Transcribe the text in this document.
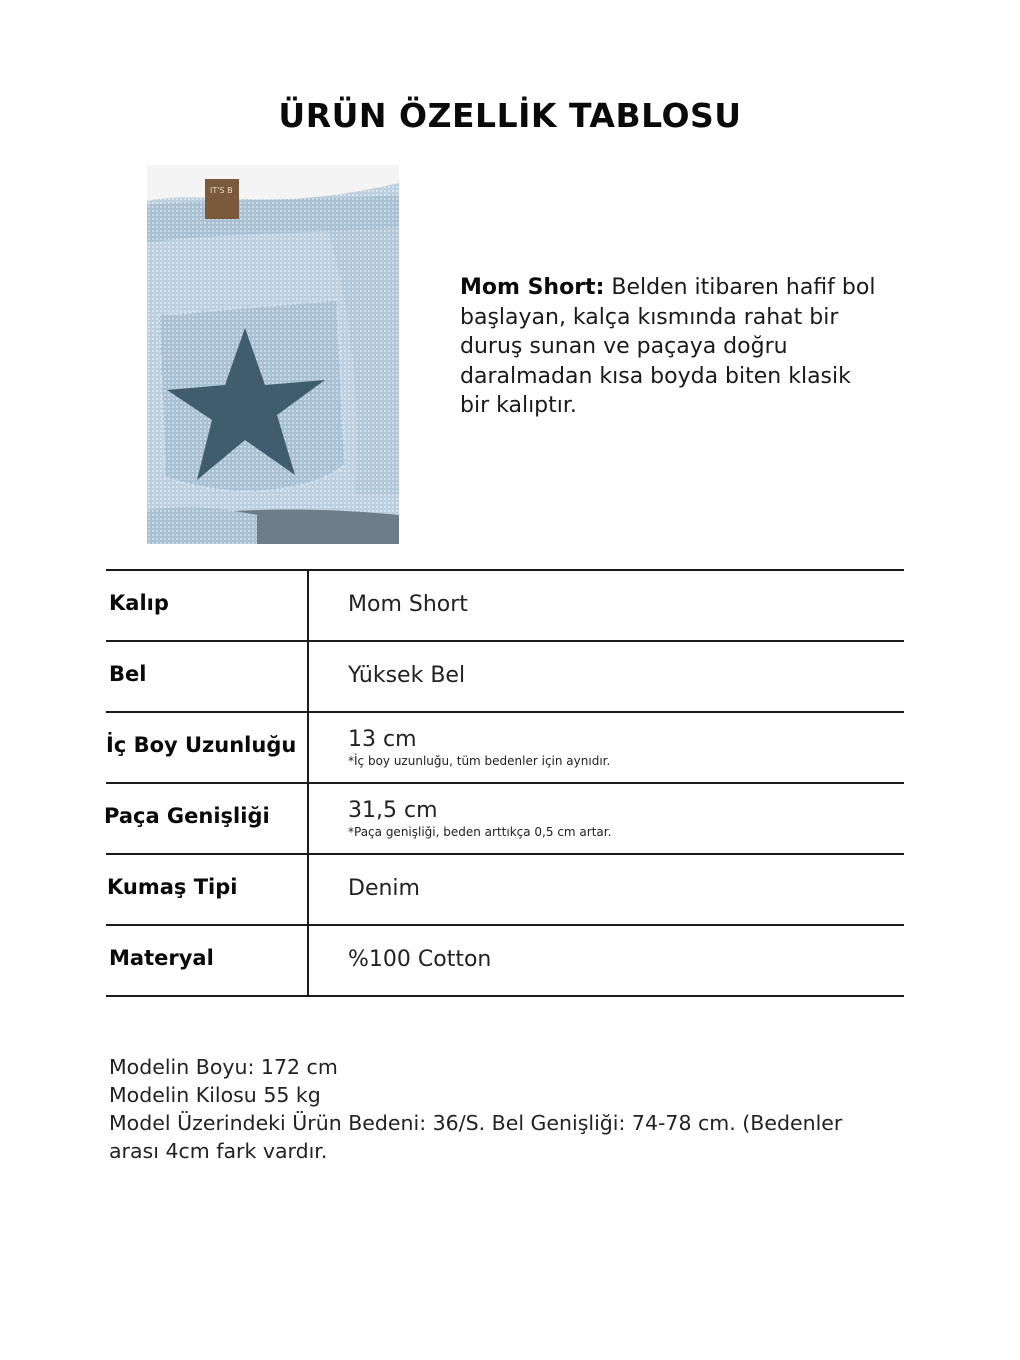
ÜRÜN ÖZELLİK TABLOSU
IT'S B
Mom Short: Belden itibaren hafif bol
başlayan, kalça kısmında rahat bir
duruş sunan ve paçaya doğru
daralmadan kısa boyda biten klasik
bir kalıptır.
Kalıp	Mom Short
Bel	Yüksek Bel
İç Boy Uzunluğu 13 cm
*İç boy uzunluğu, tüm bedenler için aynıdır.
Paça Genişliği	31,5 cm
*Paça genişliği, beden arttıkça 0,5 cm artar.
Kumaş Tipi	Denim
Materyal	%100 Cotton
Modelin Boyu: 172 cm
Modelin Kilosu 55 kg
Model Üzerindeki Ürün Bedeni: 36/S. Bel Genişliği: 74-78 cm. (Bedenler
arası 4cm fark vardır.
